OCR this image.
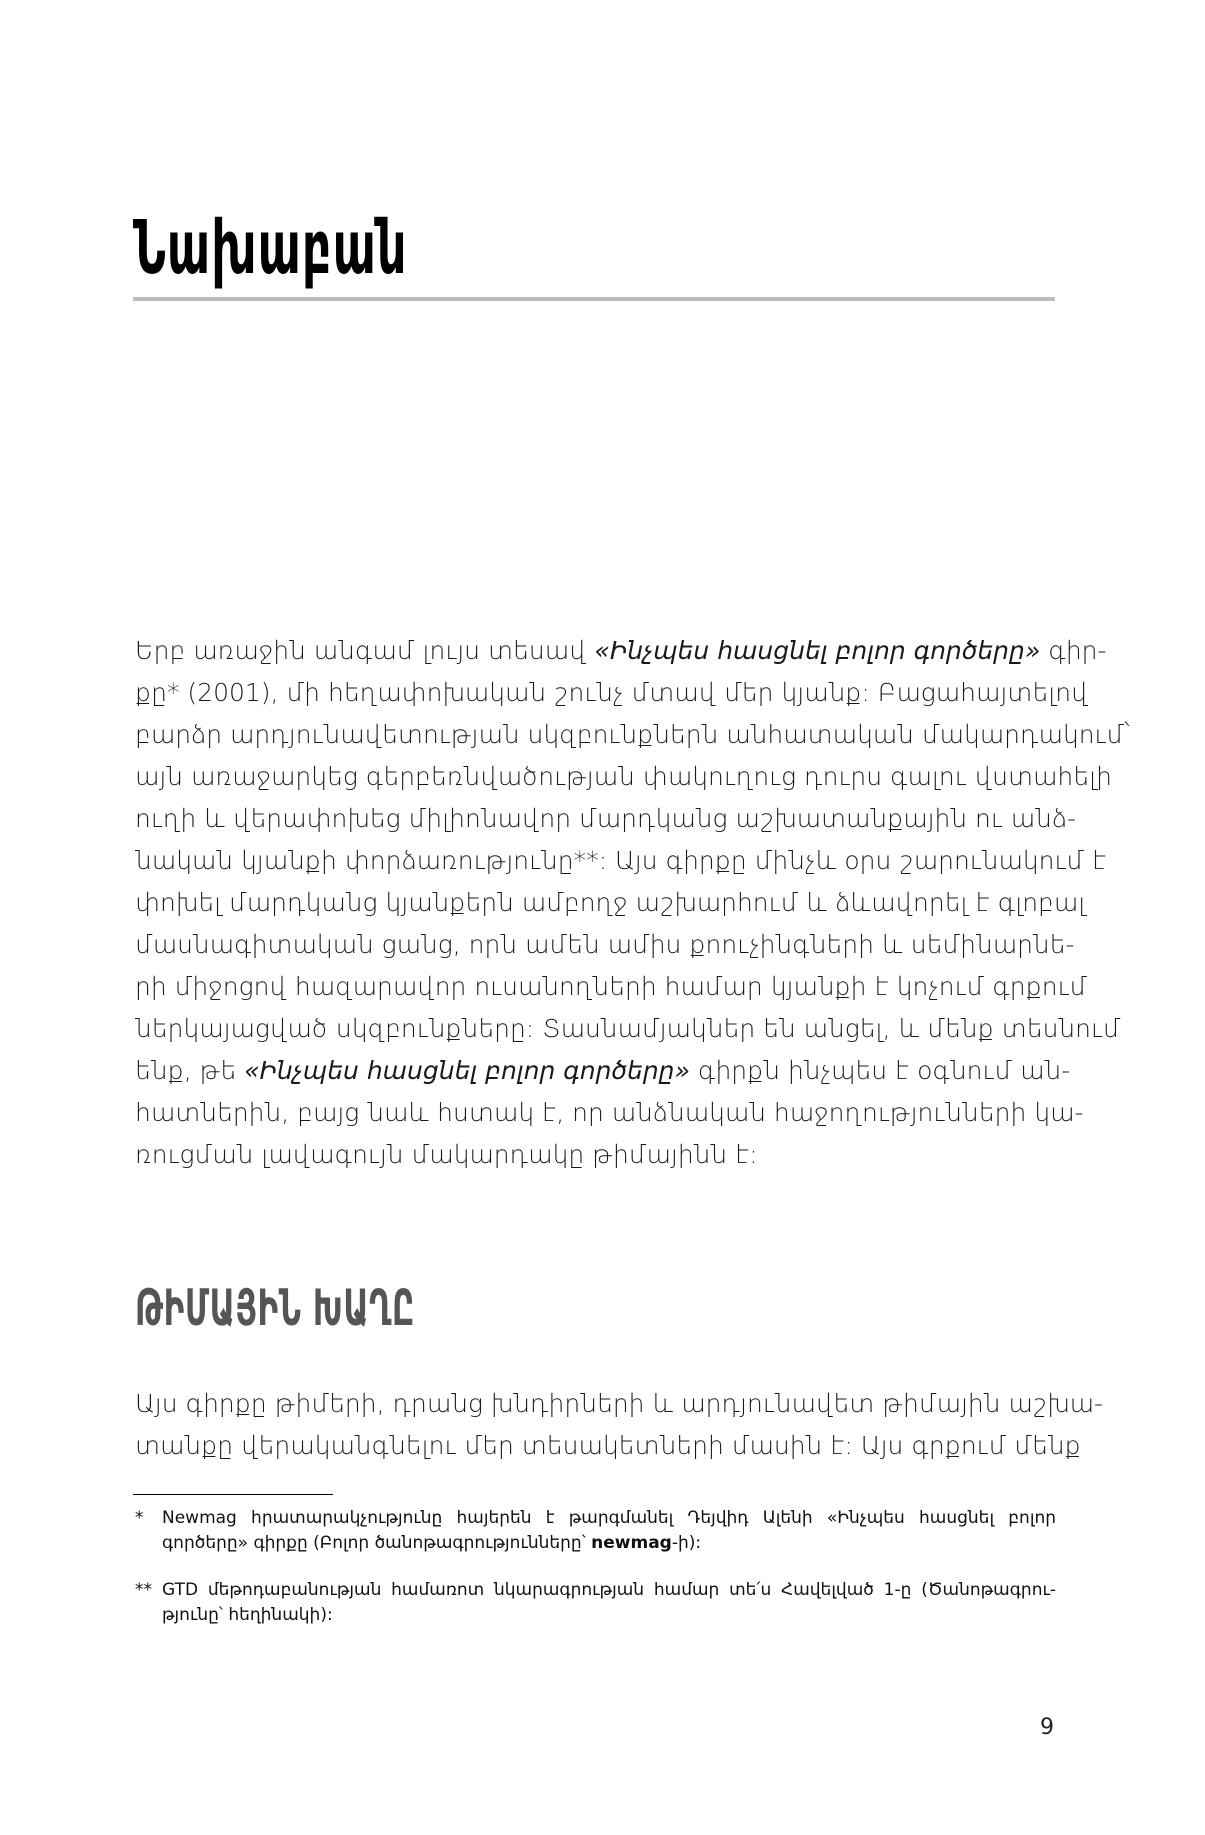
Նախաբան
Երբ առաջին անգամ լույս տեսավ «Ինչպես հասցնել բոլոր գործերը» գիր-
քը* (2001), մի հեղափոխական շունչ մտավ մեր կյանք: Բացահայտելով
բարձր արդյունավետության սկզբունքներն անհատական մակարդակում՝
այն առաջարկեց գերբեռնվածության փակուղուց դուրս գալու վստահելի
ուղի և վերափոխեց միլիոնավոր մարդկանց աշխատանքային ու անձ-
նական կյանքի փորձառությունը**: Այս գիրքը մինչև օրս շարունակում է
փոխել մարդկանց կյանքերն ամբողջ աշխարհում և ձևավորել է գլոբալ
մասնագիտական ցանց, որն ամեն ամիս քոուչինգների և սեմինարնե-
րի միջոցով հազարավոր ուսանողների համար կյանքի է կոչում գրքում
ներկայացված սկզբունքները: Տասնամյակներ են անցել, և մենք տեսնում
ենք, թե «Ինչպես հասցնել բոլոր գործերը» գիրքն ինչպես է օգնում ան-
հատներին, բայց նաև հստակ է, որ անձնական հաջողությունների կա-
ռուցման լավագույն մակարդակը թիմայինն է:
ԹԻՄԱՅԻՆ ԽԱՂԸ
Այս գիրքը թիմերի, դրանց խնդիրների և արդյունավետ թիմային աշխա-
տանքը վերականգնելու մեր տեսակետների մասին է: Այս գրքում մենք
*	Newmag հրատարակչությունը հայերեն է թարգմանել Դեյվիդ Ալենի «Ինչպես հասցնել բոլոր
գործերը» գիրքը (Բոլոր ծանոթագրությունները՝ newmag-ի):
** GTD մեթոդաբանության համառոտ նկարագրության համար տե՛ս Հավելված 1-ը (Ծանոթագրու-
թյունը՝ հեղինակի):
9
